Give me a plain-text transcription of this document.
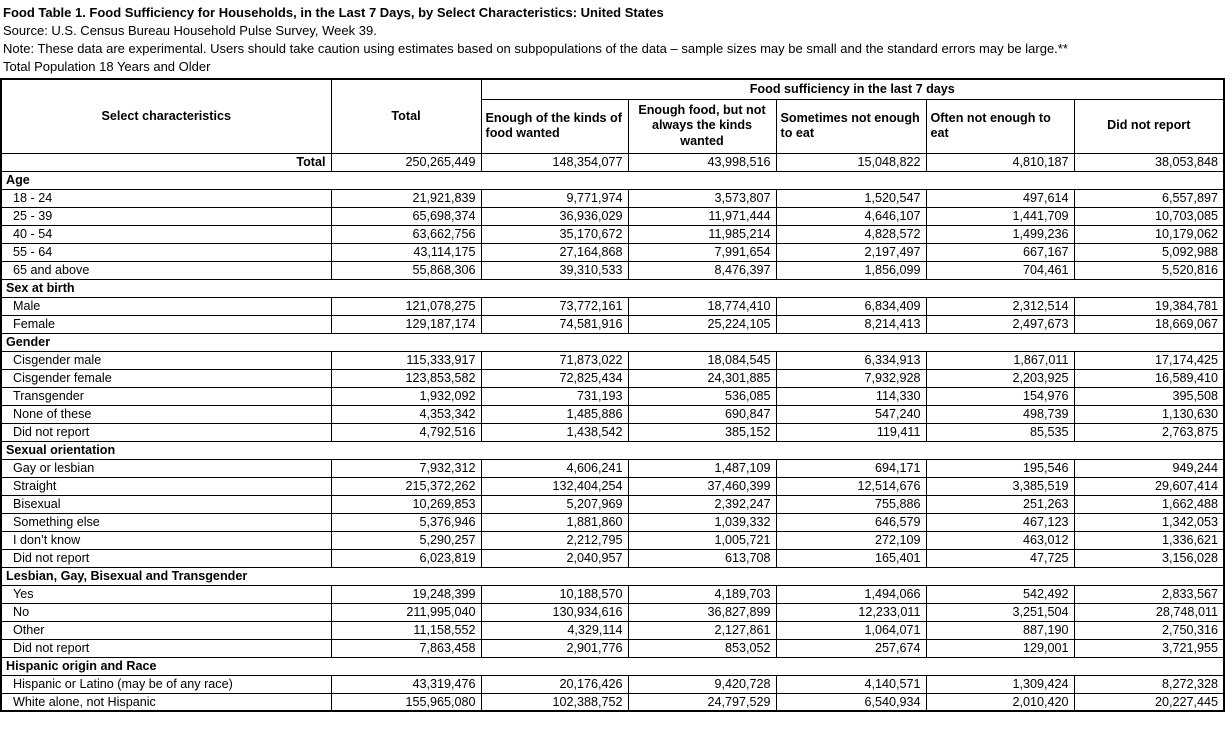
Food Table 1. Food Sufficiency for Households, in the Last 7 Days, by Select Characteristics: United States
Source: U.S. Census Bureau Household Pulse Survey, Week 39.
Note: These data are experimental. Users should take caution using estimates based on subpopulations of the data – sample sizes may be small and the standard errors may be large.**
Total Population 18 Years and Older
Select characteristics	Total	Food sufficiency in the last 7 days				
		Enough of the kinds of food wanted	Enough food, but not always the kinds wanted	Sometimes not enough to eat	Often not enough to eat	Did not report
Total	250,265,449	148,354,077	43,998,516	15,048,822	4,810,187	38,053,848
Age						
18 - 24	21,921,839	9,771,974	3,573,807	1,520,547	497,614	6,557,897
25 - 39	65,698,374	36,936,029	11,971,444	4,646,107	1,441,709	10,703,085
40 - 54	63,662,756	35,170,672	11,985,214	4,828,572	1,499,236	10,179,062
55 - 64	43,114,175	27,164,868	7,991,654	2,197,497	667,167	5,092,988
65 and above	55,868,306	39,310,533	8,476,397	1,856,099	704,461	5,520,816
Sex at birth						
Male	121,078,275	73,772,161	18,774,410	6,834,409	2,312,514	19,384,781
Female	129,187,174	74,581,916	25,224,105	8,214,413	2,497,673	18,669,067
Gender						
Cisgender male	115,333,917	71,873,022	18,084,545	6,334,913	1,867,011	17,174,425
Cisgender female	123,853,582	72,825,434	24,301,885	7,932,928	2,203,925	16,589,410
Transgender	1,932,092	731,193	536,085	114,330	154,976	395,508
None of these	4,353,342	1,485,886	690,847	547,240	498,739	1,130,630
Did not report	4,792,516	1,438,542	385,152	119,411	85,535	2,763,875
Sexual orientation						
Gay or lesbian	7,932,312	4,606,241	1,487,109	694,171	195,546	949,244
Straight	215,372,262	132,404,254	37,460,399	12,514,676	3,385,519	29,607,414
Bisexual	10,269,853	5,207,969	2,392,247	755,886	251,263	1,662,488
Something else	5,376,946	1,881,860	1,039,332	646,579	467,123	1,342,053
I don’t know	5,290,257	2,212,795	1,005,721	272,109	463,012	1,336,621
Did not report	6,023,819	2,040,957	613,708	165,401	47,725	3,156,028
Lesbian, Gay, Bisexual and Transgender						
Yes	19,248,399	10,188,570	4,189,703	1,494,066	542,492	2,833,567
No	211,995,040	130,934,616	36,827,899	12,233,011	3,251,504	28,748,011
Other	11,158,552	4,329,114	2,127,861	1,064,071	887,190	2,750,316
Did not report	7,863,458	2,901,776	853,052	257,674	129,001	3,721,955
Hispanic origin and Race						
Hispanic or Latino (may be of any race)	43,319,476	20,176,426	9,420,728	4,140,571	1,309,424	8,272,328
White alone, not Hispanic	155,965,080	102,388,752	24,797,529	6,540,934	2,010,420	20,227,445
